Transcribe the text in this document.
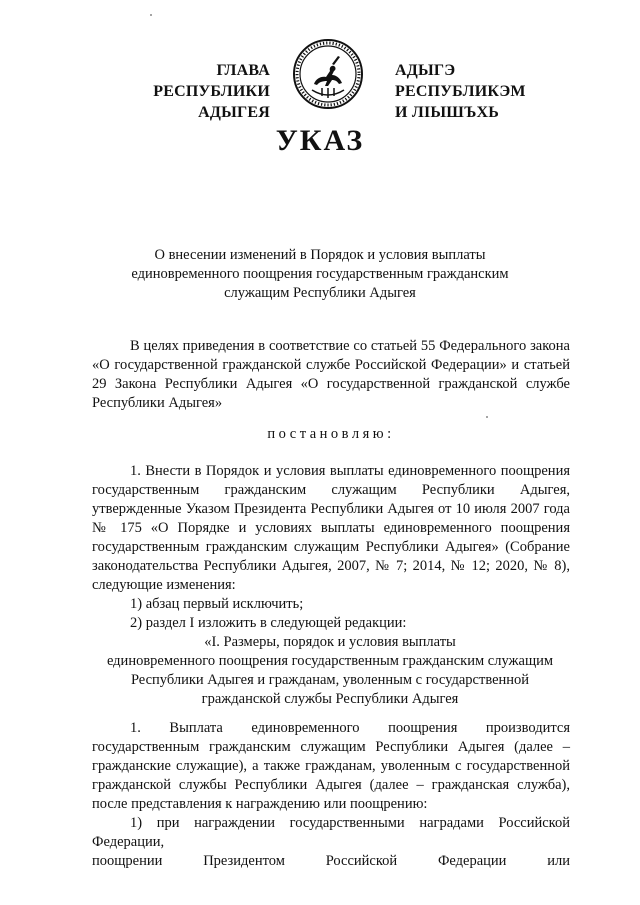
ГЛАВА
РЕСПУБЛИКИ АДЫГЕЯ
АДЫГЭ РЕСПУБЛИКЭМ
И ЛІЫШЪХЬ
УКАЗ
О внесении изменений в Порядок и условия выплаты
единовременного поощрения государственным гражданским
служащим Республики Адыгея

В целях приведения в соответствие со статьей 55 Федерального закона «О государственной гражданской службе Российской Федерации» и статьей 29 Закона Республики Адыгея «О государственной гражданской службе Республики Адыгея»

постановляю:

1. Внести в Порядок и условия выплаты единовременного поощрения государственным гражданским служащим Республики Адыгея, утвержденные Указом Президента Республики Адыгея от 10 июля 2007 года № 175 «О Порядке и условиях выплаты единовременного поощрения государственным гражданским служащим Республики Адыгея» (Собрание законодательства Республики Адыгея, 2007, № 7; 2014, № 12; 2020, № 8), следующие изменения:

1) абзац первый исключить;

2) раздел I изложить в следующей редакции:

«I. Размеры, порядок и условия выплаты

единовременного поощрения государственным гражданским служащим

Республики Адыгея и гражданам, уволенным с государственной

гражданской службы Республики Адыгея

1. Выплата единовременного поощрения производится государственным гражданским служащим Республики Адыгея (далее – гражданские служащие), а также гражданам, уволенным с государственной гражданской службы Республики Адыгея (далее – гражданская служба), после представления к награждению или поощрению:

1) при награждении государственными наградами Российской Федерации,

поощрении	Президентом	Российской	Федерации	или
